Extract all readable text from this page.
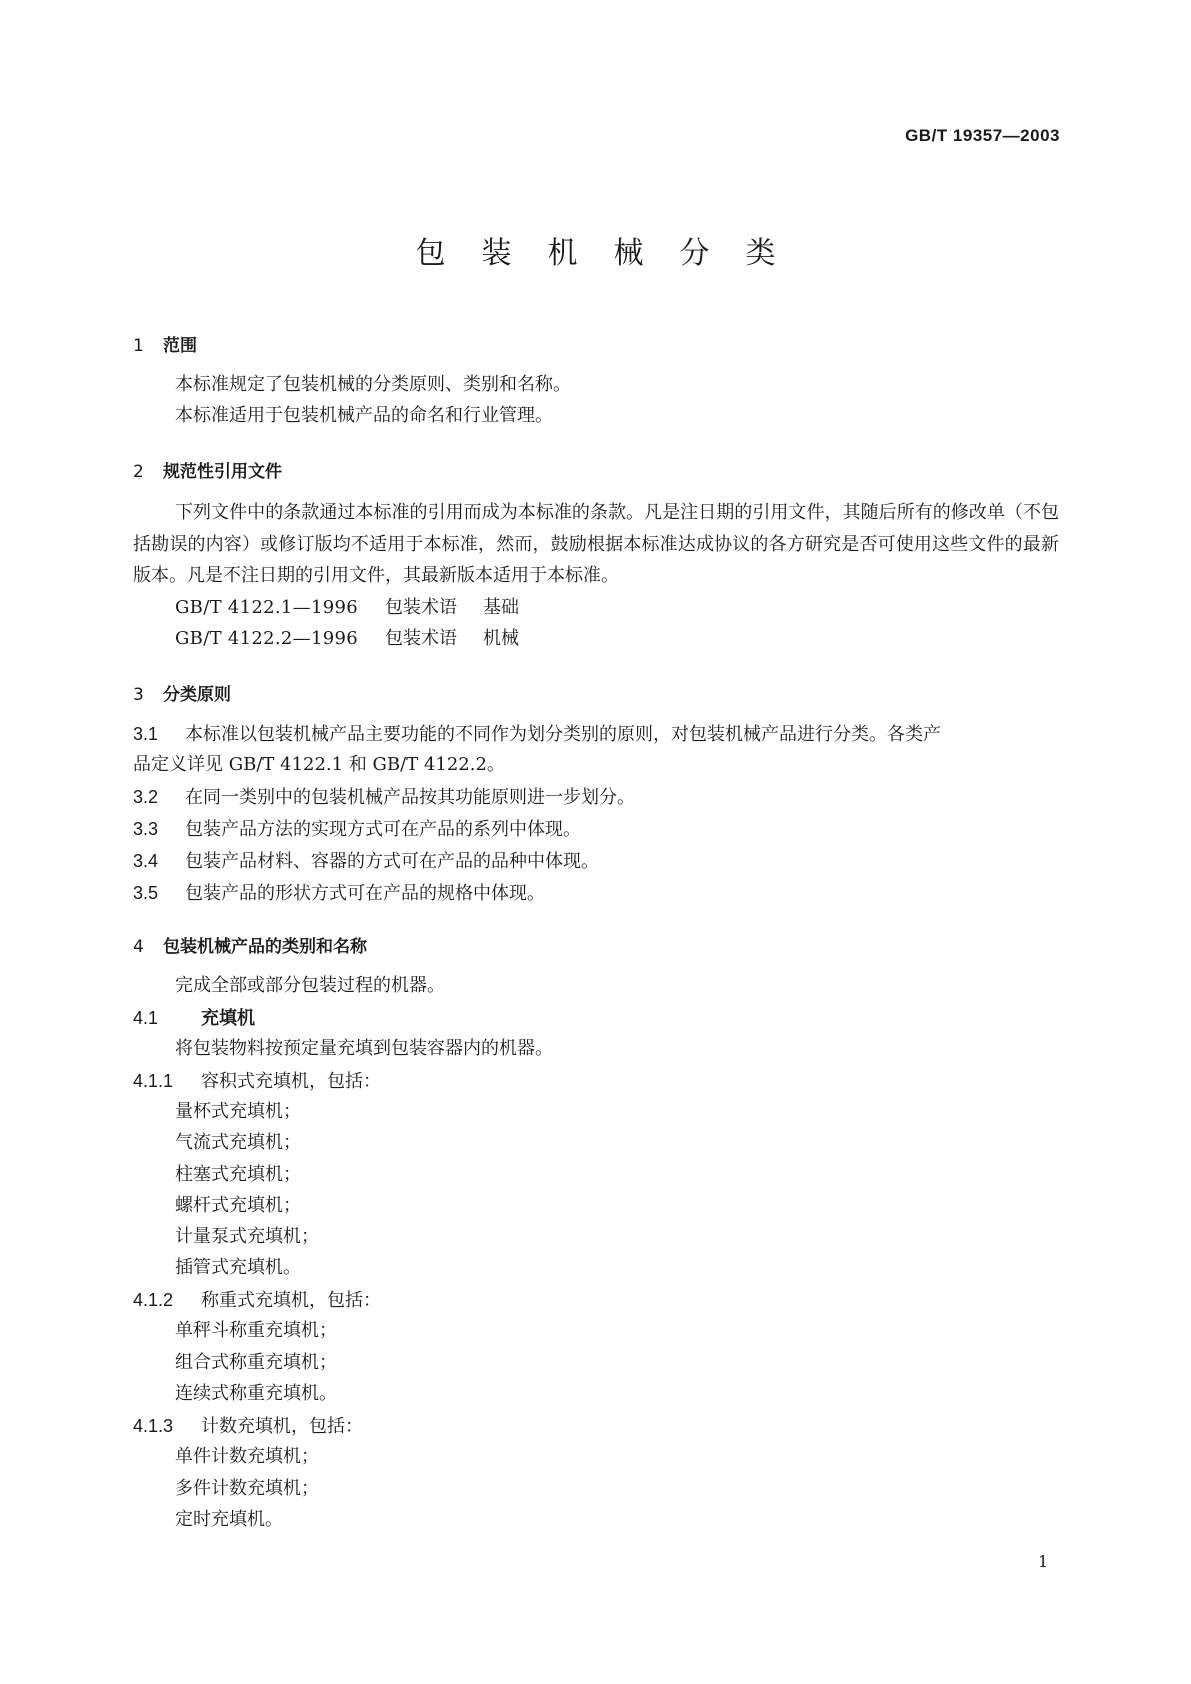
GB/T 19357—2003
包 装 机 械 分 类
1 范围
本标准规定了包装机械的分类原则、类别和名称。
本标准适用于包装机械产品的命名和行业管理。
2 规范性引用文件

下列文件中的条款通过本标准的引用而成为本标准的条款。凡是注日期的引用文件，其随后所有的修改单（不包括勘误的内容）或修订版均不适用于本标准，然而，鼓励根据本标准达成协议的各方研究是否可使用这些文件的最新版本。凡是不注日期的引用文件，其最新版本适用于本标准。

GB/T 4122.1—1996 包装术语 基础
GB/T 4122.2—1996 包装术语 机械
3 分类原则
3.1 本标准以包装机械产品主要功能的不同作为划分类别的原则，对包装机械产品进行分类。各类产
品定义详见 GB/T 4122.1 和 GB/T 4122.2。
3.2 在同一类别中的包装机械产品按其功能原则进一步划分。
3.3 包装产品方法的实现方式可在产品的系列中体现。
3.4 包装产品材料、容器的方式可在产品的品种中体现。
3.5 包装产品的形状方式可在产品的规格中体现。
4 包装机械产品的类别和名称
完成全部或部分包装过程的机器。
4.1 充填机
将包装物料按预定量充填到包装容器内的机器。
4.1.1 容积式充填机，包括：
量杯式充填机；
气流式充填机；
柱塞式充填机；
螺杆式充填机；
计量泵式充填机；
插管式充填机。
4.1.2 称重式充填机，包括：
单秤斗称重充填机；
组合式称重充填机；
连续式称重充填机。
4.1.3 计数充填机，包括：
单件计数充填机；
多件计数充填机；
定时充填机。
1
